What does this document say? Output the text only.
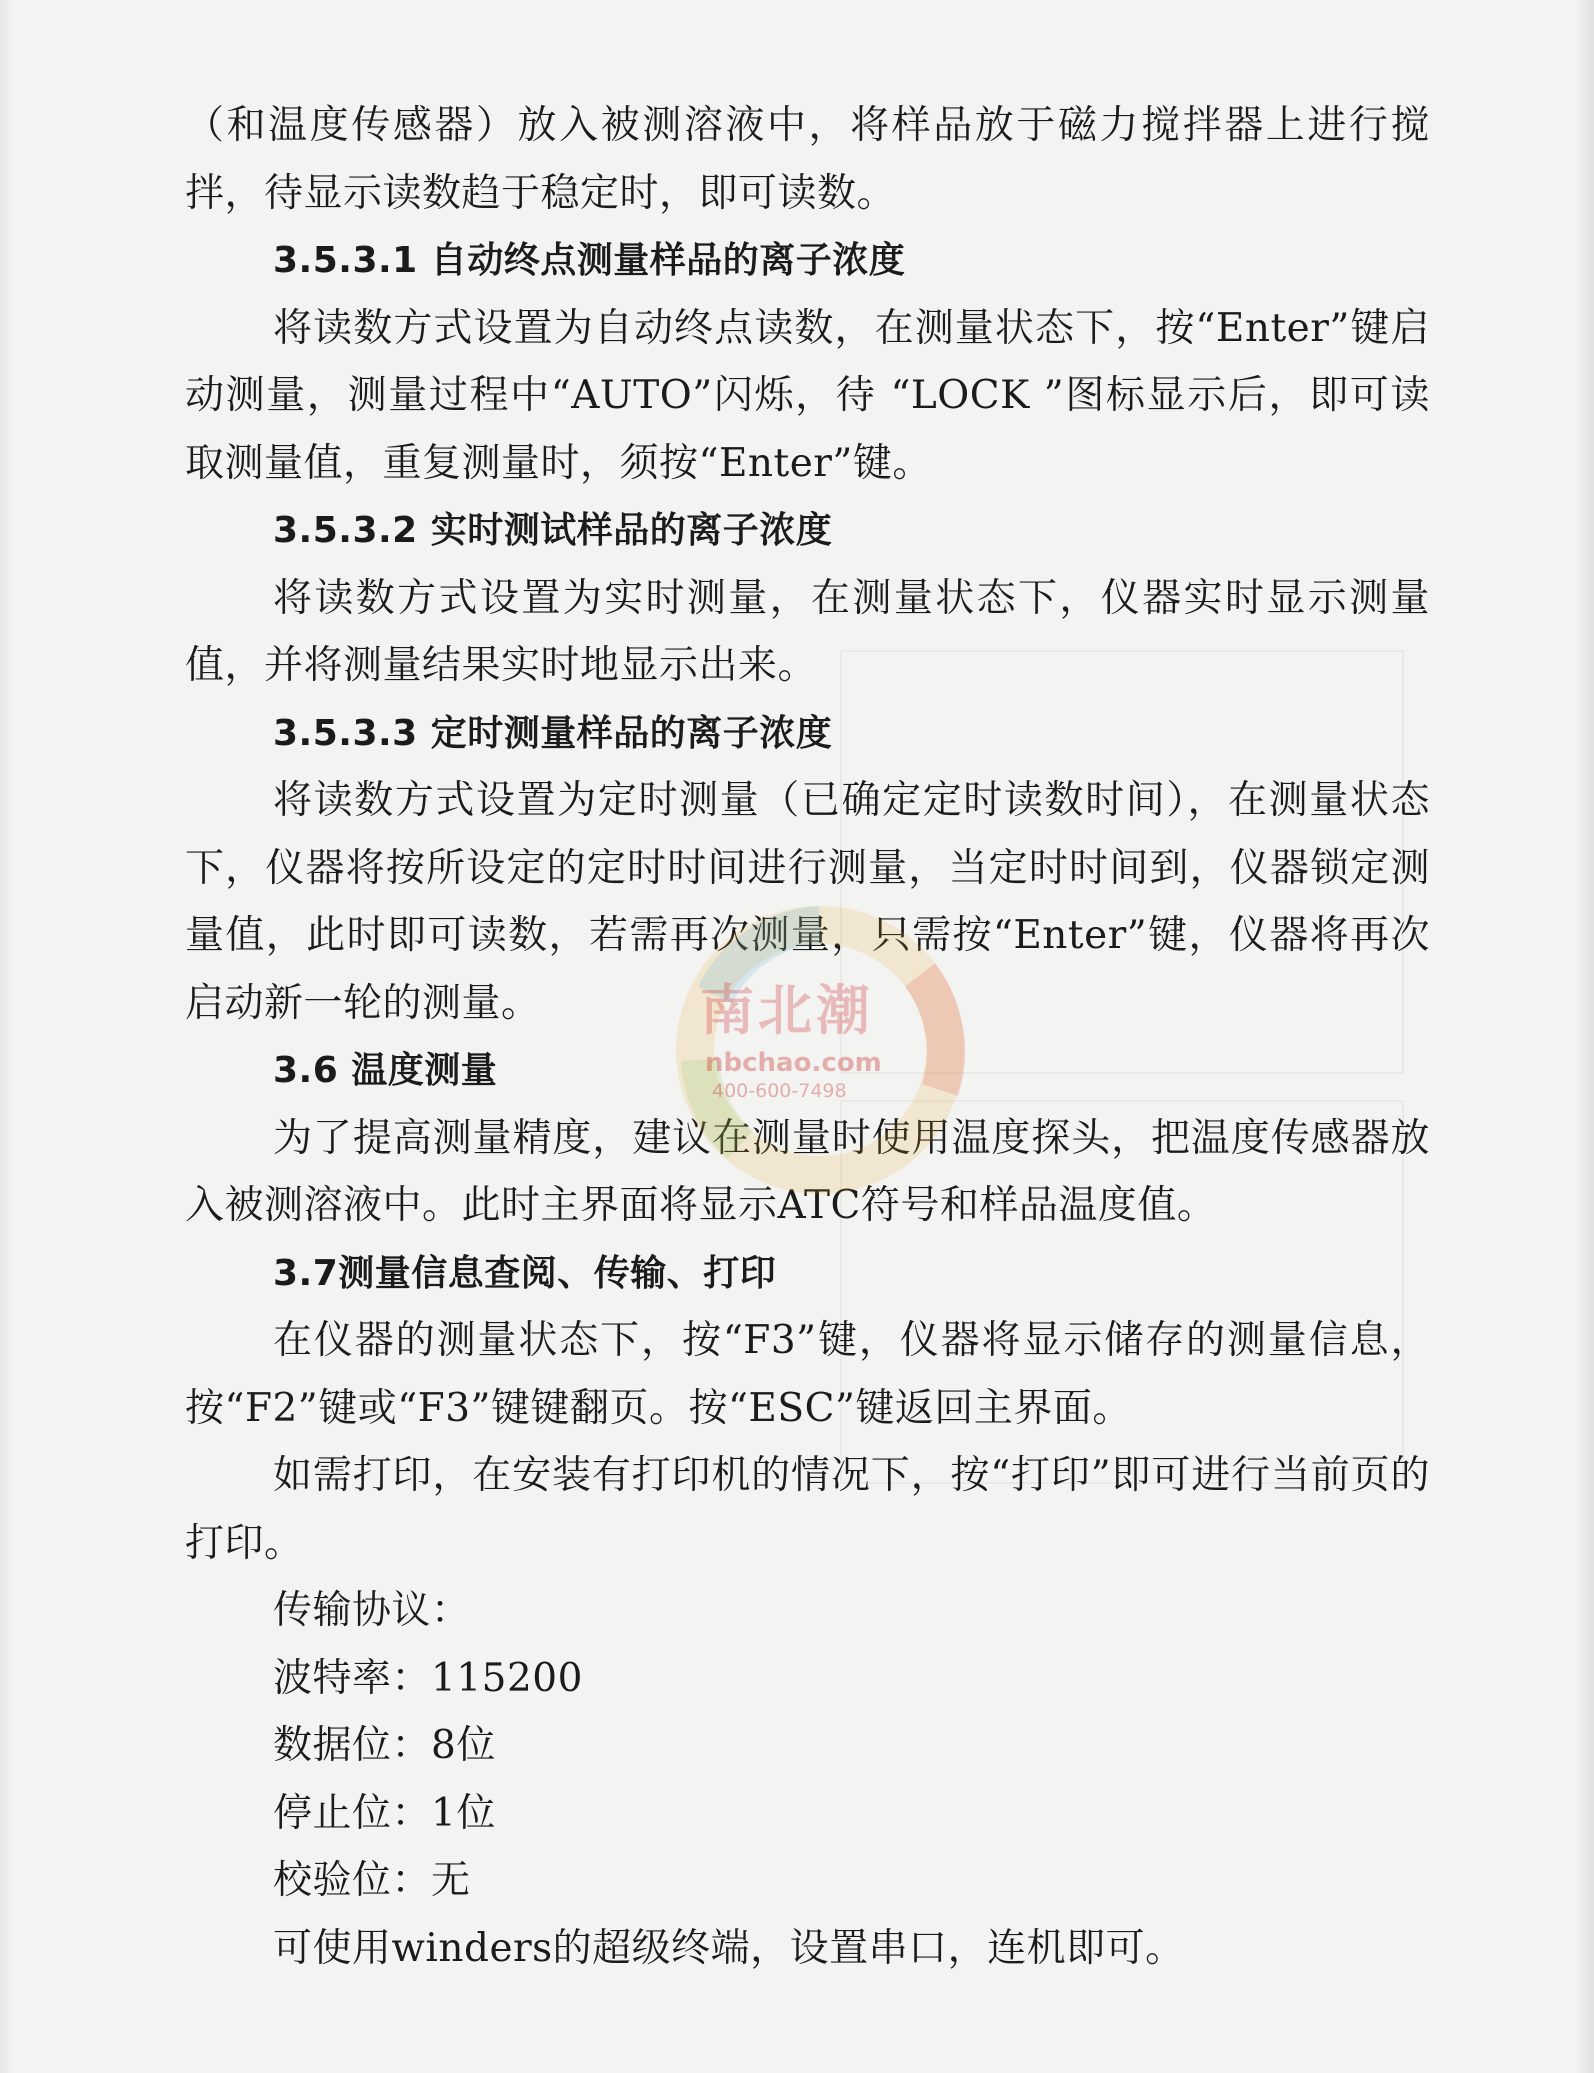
（和温度传感器）放入被测溶液中，将样品放于磁力搅拌器上进行搅拌，待显示读数趋于稳定时，即可读数。

3.5.3.1 自动终点测量样品的离子浓度

将读数方式设置为自动终点读数，在测量状态下，按“Enter”键启动测量，测量过程中“AUTO”闪烁，待 “LOCK ”图标显示后，即可读取测量值，重复测量时，须按“Enter”键。

3.5.3.2 实时测试样品的离子浓度

将读数方式设置为实时测量，在测量状态下，仪器实时显示测量值，并将测量结果实时地显示出来。

3.5.3.3 定时测量样品的离子浓度

将读数方式设置为定时测量（已确定定时读数时间），在测量状态下，仪器将按所设定的定时时间进行测量，当定时时间到，仪器锁定测量值，此时即可读数，若需再次测量，只需按“Enter”键，仪器将再次启动新一轮的测量。

3.6 温度测量

为了提高测量精度，建议在测量时使用温度探头，把温度传感器放入被测溶液中。此时主界面将显示ATC符号和样品温度值。

3.7测量信息查阅、传输、打印

在仪器的测量状态下，按“F3”键，仪器将显示储存的测量信息，按“F2”键或“F3”键键翻页。按“ESC”键返回主界面。

如需打印，在安装有打印机的情况下，按“打印”即可进行当前页的打印。

传输协议：

波特率：115200

数据位：8位

停止位：1位

校验位：无

可使用winders的超级终端，设置串口，连机即可。

南北潮
nbchao.com
400-600-7498
